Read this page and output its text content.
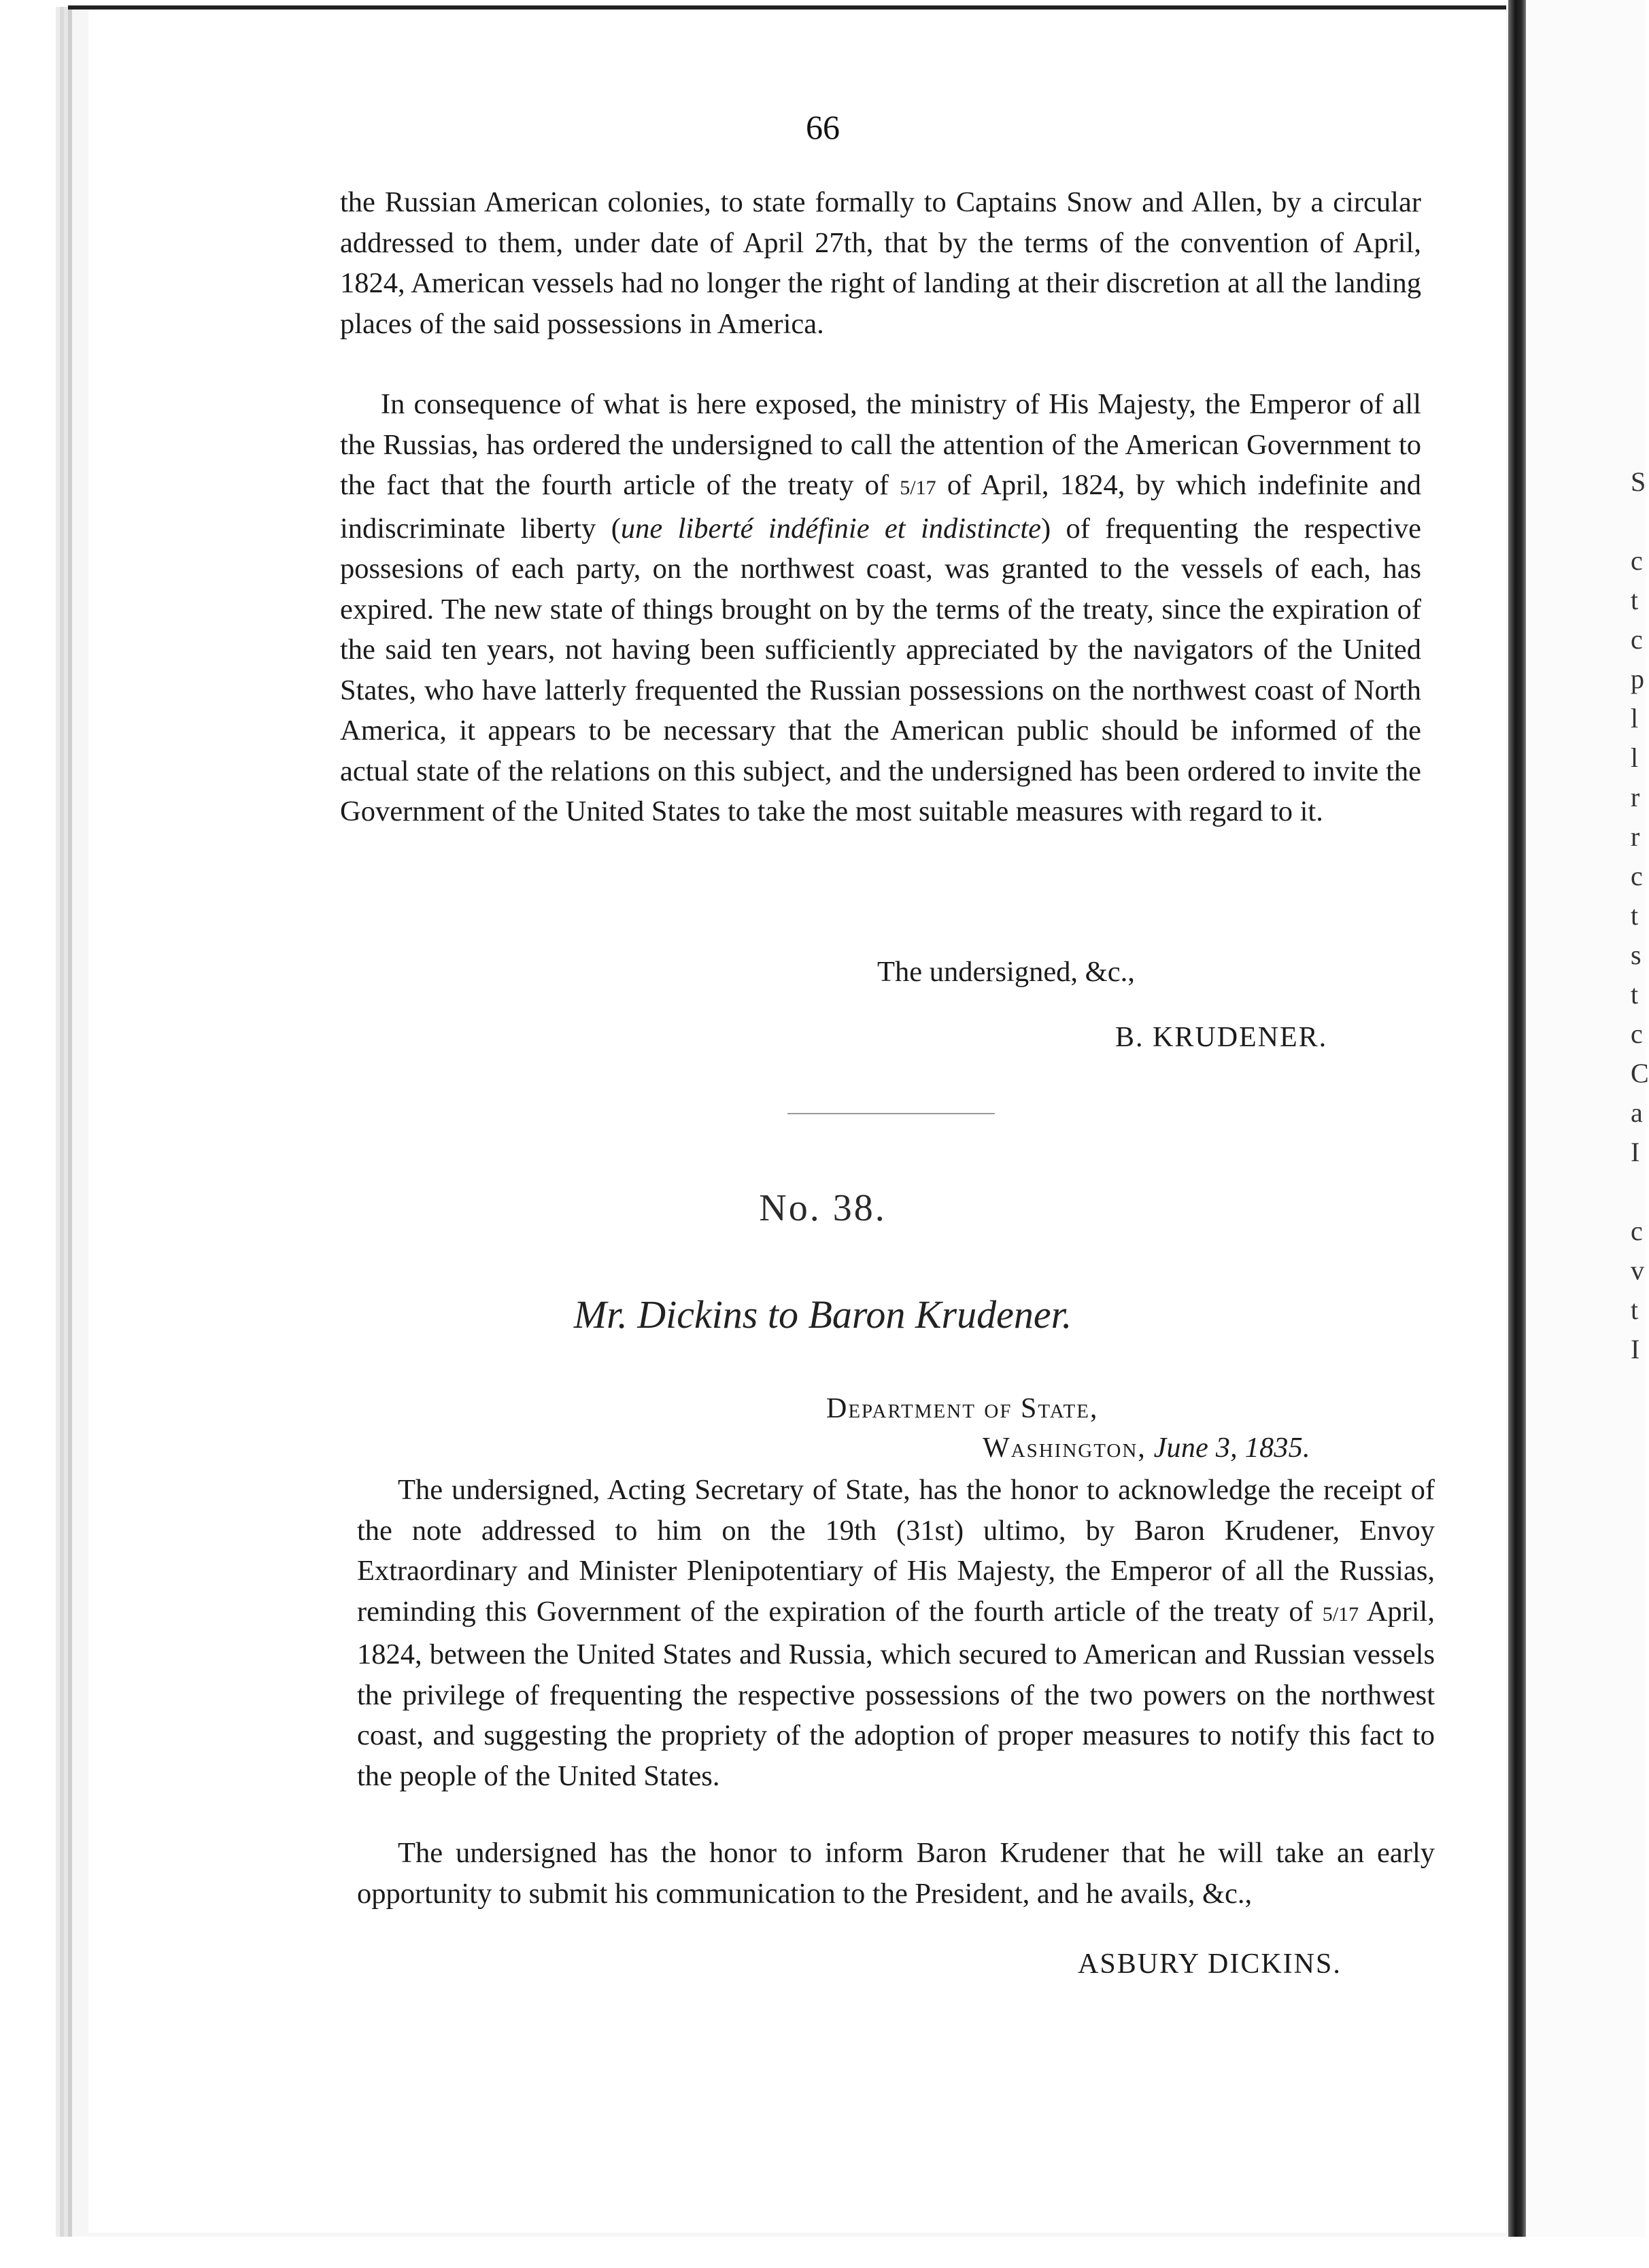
S

c
t
c
p
l
l
r
r
c
t
s
t
c
C
a
I

c
v
t
I
66
the Russian American colonies, to state formally to Captains Snow and Allen, by a circular addressed to them, under date of April 27th, that by the terms of the convention of April, 1824, American vessels had no longer the right of landing at their discretion at all the landing places of the said possessions in America.
In consequence of what is here exposed, the ministry of His Majesty, the Emperor of all the Russias, has ordered the undersigned to call the attention of the American Government to the fact that the fourth article of the treaty of 5/17 of April, 1824, by which indefinite and indiscriminate liberty (une liberté indéfinie et indistincte) of frequenting the respective possesions of each party, on the northwest coast, was granted to the vessels of each, has expired. The new state of things brought on by the terms of the treaty, since the expiration of the said ten years, not having been sufficiently appreciated by the navigators of the United States, who have latterly frequented the Russian possessions on the northwest coast of North America, it appears to be necessary that the American public should be informed of the actual state of the relations on this subject, and the undersigned has been ordered to invite the Government of the United States to take the most suitable measures with regard to it.
The undersigned, &c.,
B. KRUDENER.
No. 38.
Mr. Dickins to Baron Krudener.
Department of State,
Washington, June 3, 1835.
The undersigned, Acting Secretary of State, has the honor to acknowledge the receipt of the note addressed to him on the 19th (31st) ultimo, by Baron Krudener, Envoy Extraordinary and Minister Plenipotentiary of His Majesty, the Emperor of all the Russias, reminding this Government of the expiration of the fourth article of the treaty of 5/17 April, 1824, between the United States and Russia, which secured to American and Russian vessels the privilege of frequenting the respective possessions of the two powers on the northwest coast, and suggesting the propriety of the adoption of proper measures to notify this fact to the people of the United States.
The undersigned has the honor to inform Baron Krudener that he will take an early opportunity to submit his communication to the President, and he avails, &c.,
ASBURY DICKINS.
